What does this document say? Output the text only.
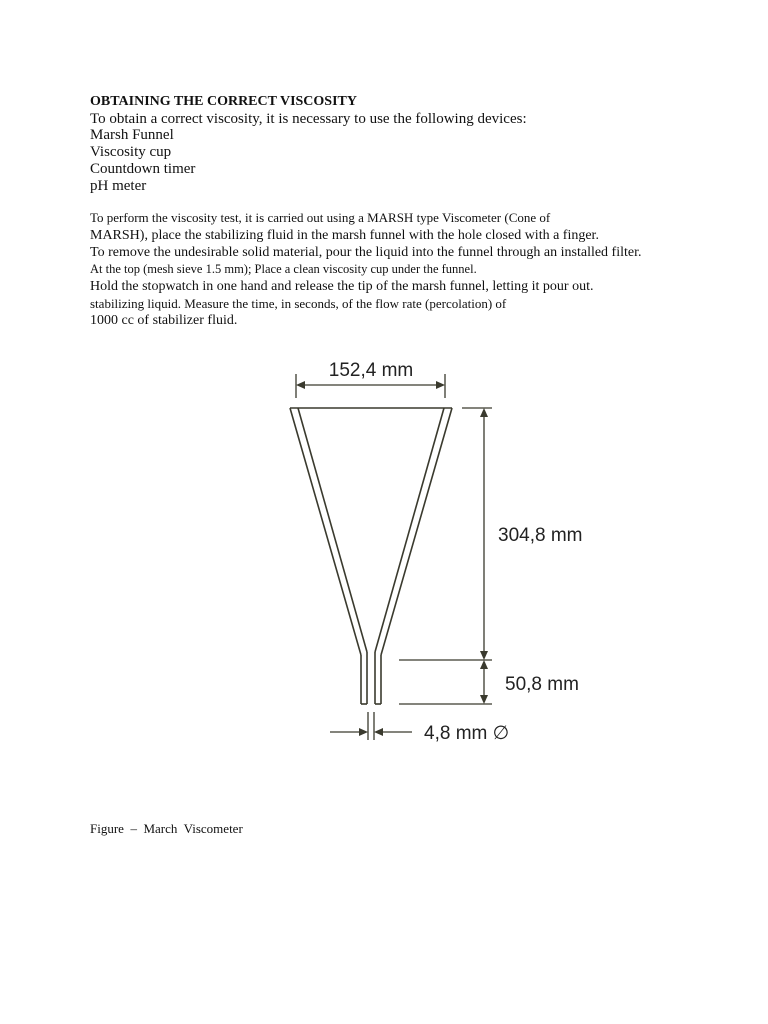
OBTAINING THE CORRECT VISCOSITY
To obtain a correct viscosity, it is necessary to use the following devices:
Marsh Funnel
Viscosity cup
Countdown timer
pH meter
To perform the viscosity test, it is carried out using a MARSH type Viscometer (Cone of
MARSH), place the stabilizing fluid in the marsh funnel with the hole closed with a finger.
To remove the undesirable solid material, pour the liquid into the funnel through an installed filter.
At the top (mesh sieve 1.5 mm); Place a clean viscosity cup under the funnel.
Hold the stopwatch in one hand and release the tip of the marsh funnel, letting it pour out.
stabilizing liquid. Measure the time, in seconds, of the flow rate (percolation) of
1000 cc of stabilizer fluid.
152,4 mm
304,8 mm
50,8 mm
4,8 mm ∅
Figure  –  March  Viscometer
